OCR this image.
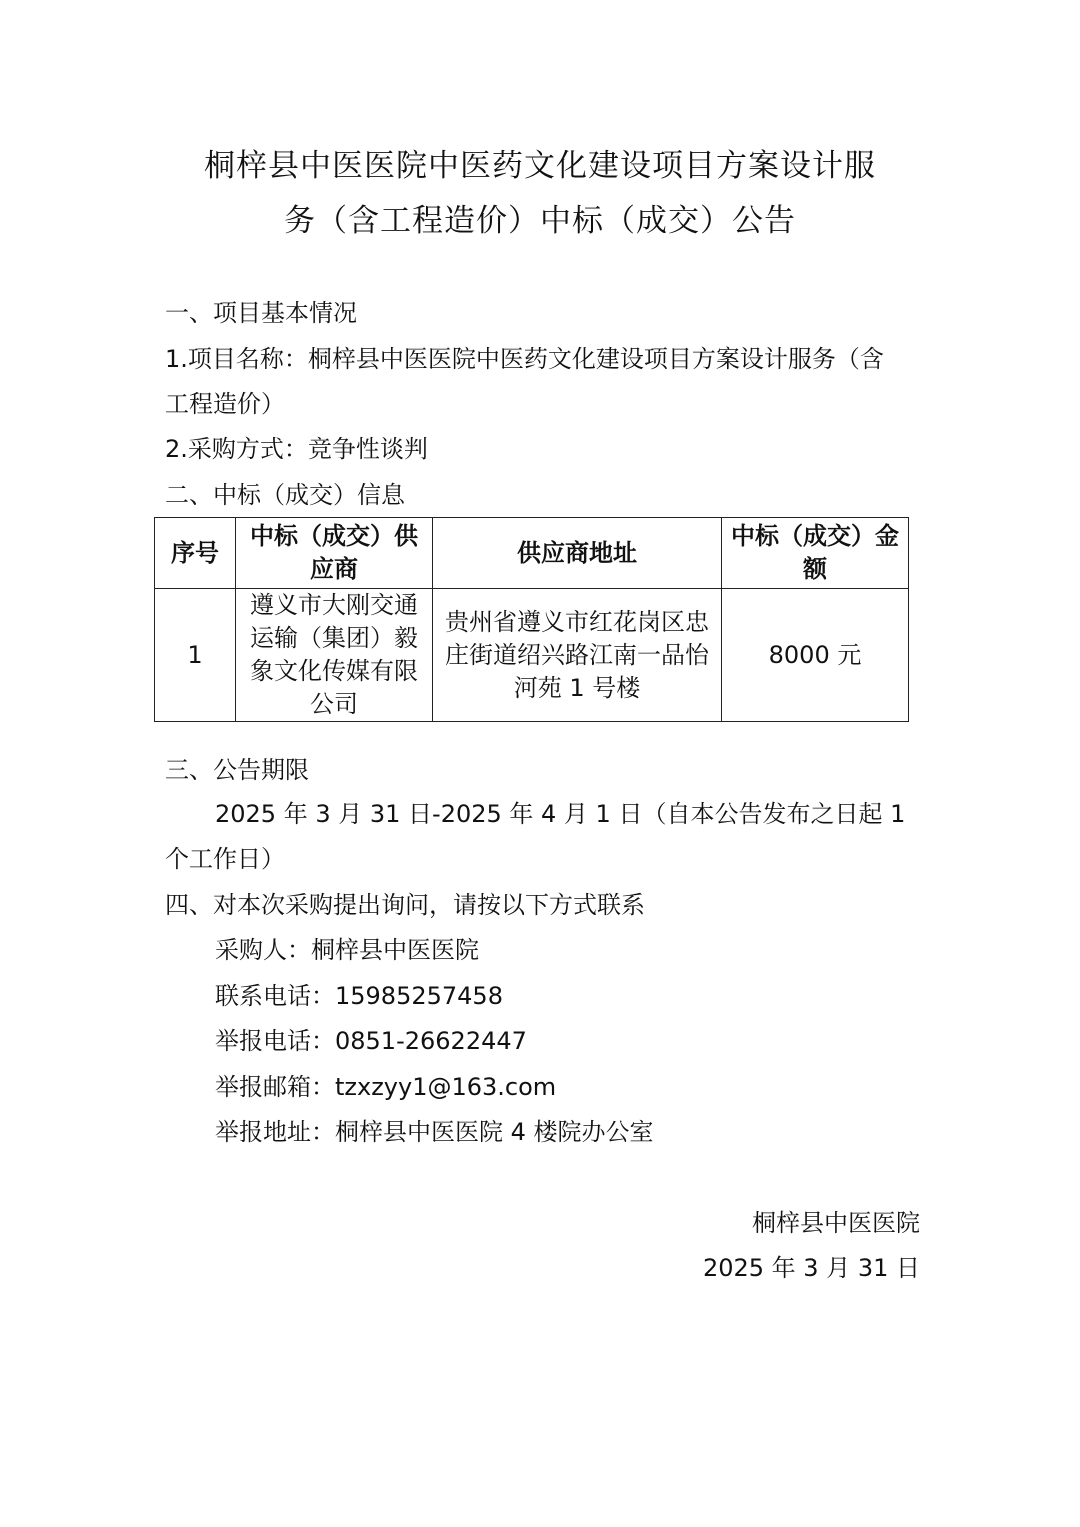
桐梓县中医医院中医药文化建设项目方案设计服
务（含工程造价）中标（成交）公告
一、项目基本情况
1.项目名称：桐梓县中医医院中医药文化建设项目方案设计服务（含
工程造价）
2.采购方式：竞争性谈判
二、中标（成交）信息
序号	中标（成交）供应商	供应商地址	中标（成交）金额
1	遵义市大刚交通运输（集团）毅象文化传媒有限公司	贵州省遵义市红花岗区忠庄街道绍兴路江南一品怡河苑 1 号楼	8000 元
三、公告期限
2025 年 3 月 31 日-2025 年 4 月 1 日（自本公告发布之日起 1
个工作日）
四、对本次采购提出询问，请按以下方式联系
采购人：桐梓县中医医院
联系电话：15985257458
举报电话：0851-26622447
举报邮箱：tzxzyy1@163.com
举报地址：桐梓县中医医院 4 楼院办公室
桐梓县中医医院
2025 年 3 月 31 日
